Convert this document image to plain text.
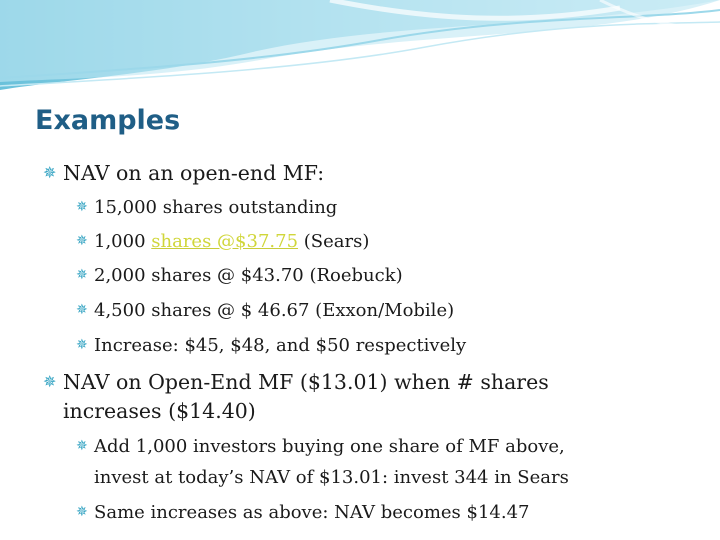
Examples
✵ NAV on an open-end MF:
✵ 15,000 shares outstanding
✵ 1,000 shares @$37.75 (Sears)
✵ 2,000 shares @ $43.70 (Roebuck)
✵ 4,500 shares @ $ 46.67 (Exxon/Mobile)
✵ Increase: $45, $48, and $50 respectively
✵ NAV on Open-End MF ($13.01) when # shares
increases ($14.40)
✵ Add 1,000 investors buying one share of MF above,
invest at today’s NAV of $13.01: invest 344 in Sears
✵ Same increases as above: NAV becomes $14.47
